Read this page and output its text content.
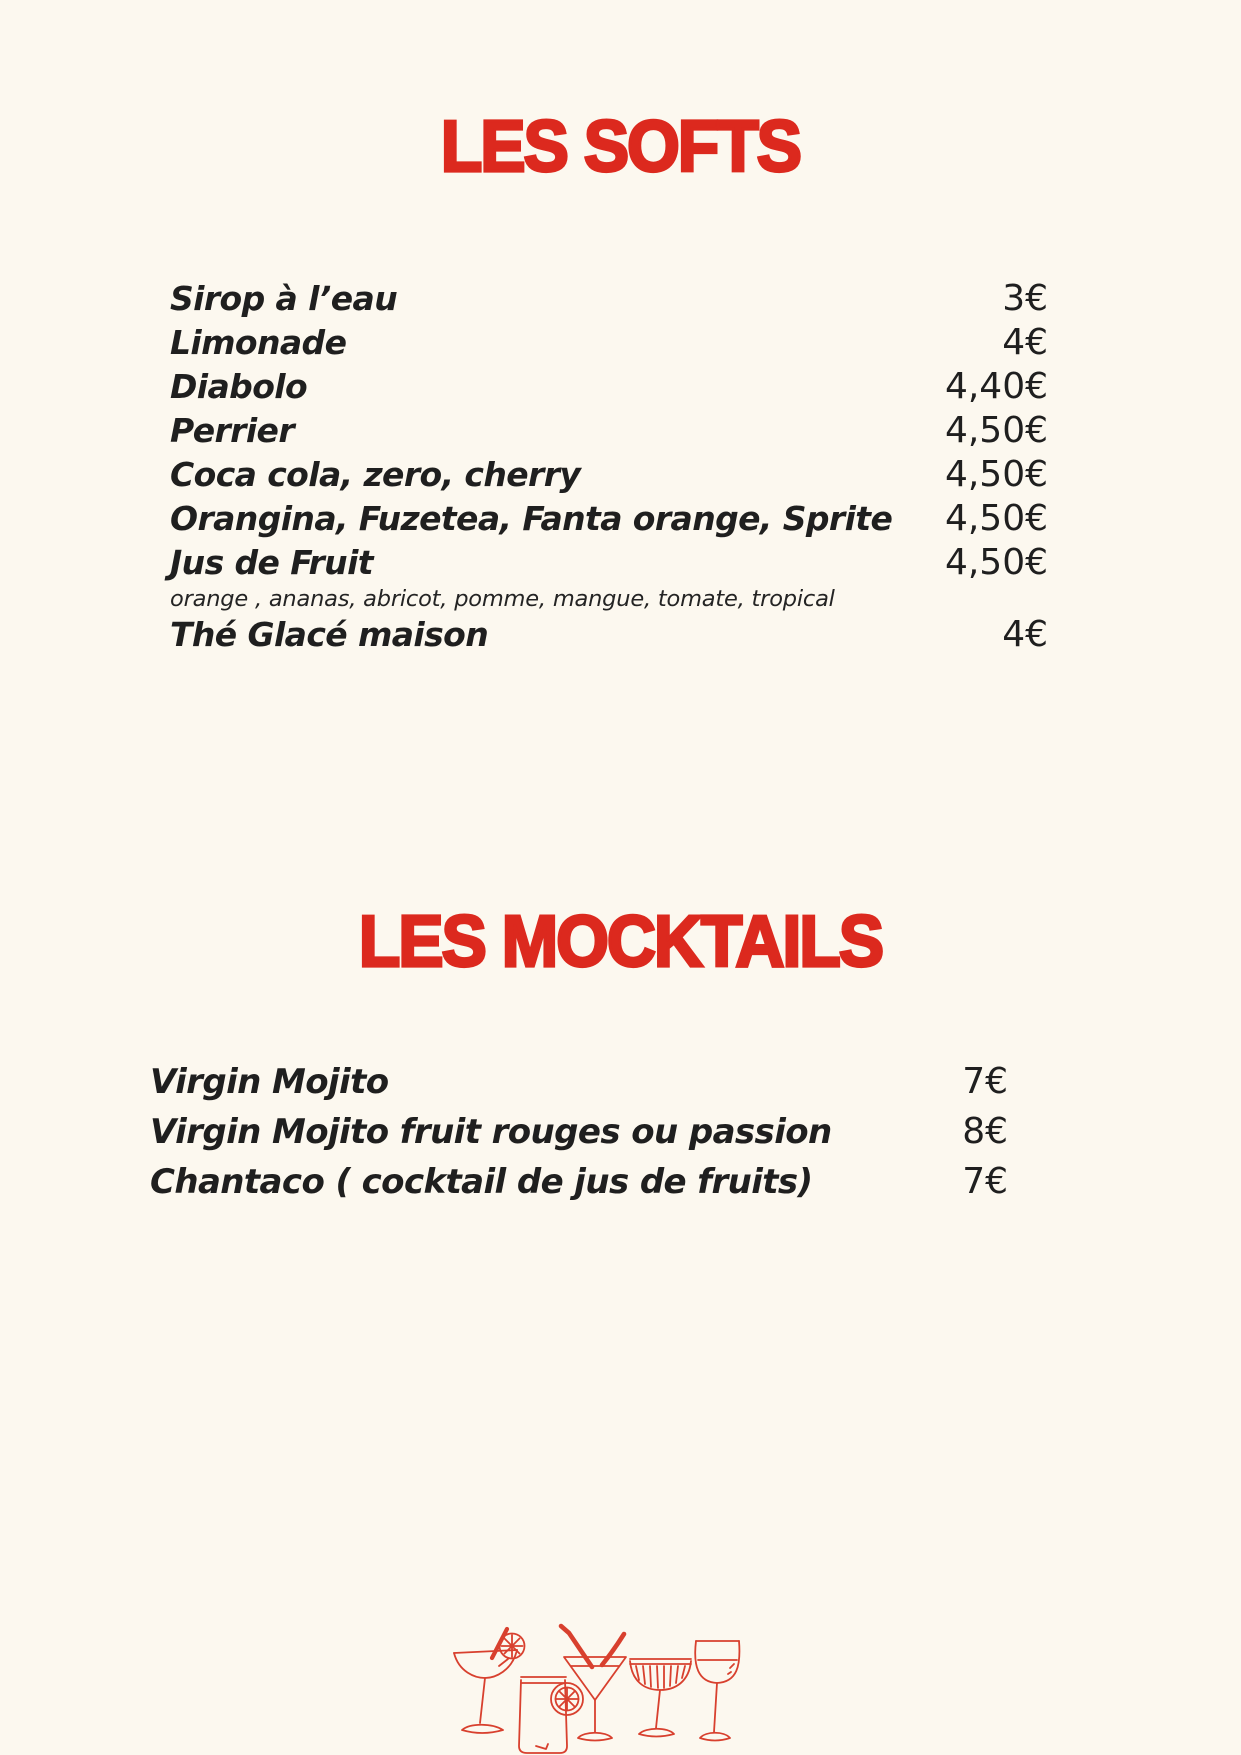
LES SOFTS
Sirop à l’eau	3€
Limonade	4€
Diabolo	4,40€
Perrier	4,50€
Coca cola, zero, cherry	4,50€
Orangina, Fuzetea, Fanta orange, Sprite 4,50€
Jus de Fruit	4,50€
orange , ananas, abricot, pomme, mangue, tomate, tropical
Thé Glacé maison	4€
LES MOCKTAILS
Virgin Mojito	7€
Virgin Mojito fruit rouges ou passion	8€
Chantaco ( cocktail de jus de fruits)	7€
